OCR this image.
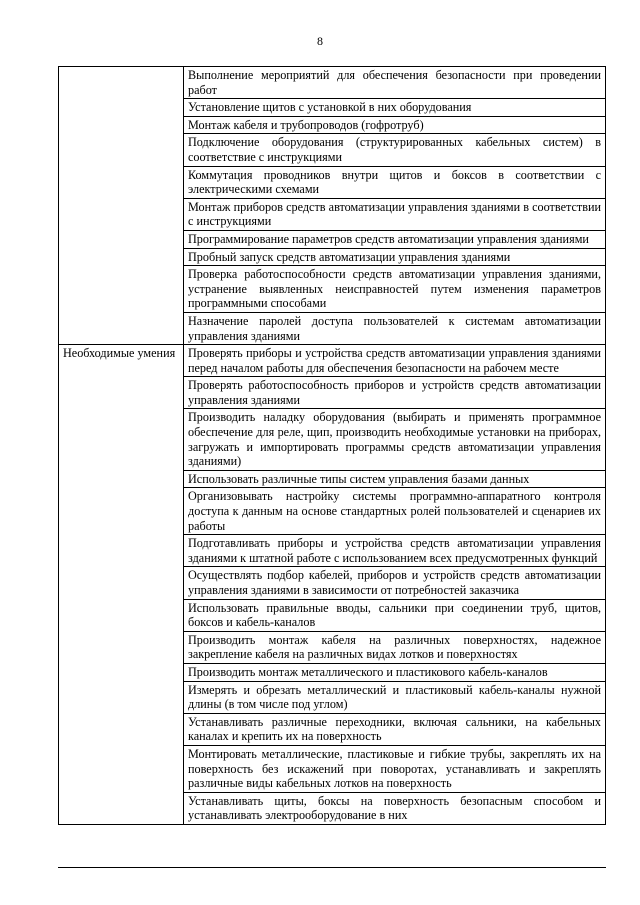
8
	Выполнение мероприятий для обеспечения безопасности при проведении работ
	Установление щитов с установкой в них оборудования
	Монтаж кабеля и трубопроводов (гофротруб)
	Подключение оборудования (структурированных кабельных систем) в соответствие с инструкциями
	Коммутация проводников внутри щитов и боксов в соответствии с электрическими схемами
	Монтаж приборов средств автоматизации управления зданиями в соответствии с инструкциями
	Программирование параметров средств автоматизации управления зданиями
	Пробный запуск средств автоматизации управления зданиями
	Проверка работоспособности средств автоматизации управления зданиями, устранение выявленных неисправностей путем изменения параметров программными способами
	Назначение паролей доступа пользователей к системам автоматизации управления зданиями
Необходимые умения	Проверять приборы и устройства средств автоматизации управления зданиями перед началом работы для обеспечения безопасности на рабочем месте
	Проверять работоспособность приборов и устройств средств автоматизации управления зданиями
	Производить наладку оборудования (выбирать и применять программное обеспечение для реле, щип, производить необходимые установки на приборах, загружать и импортировать программы средств автоматизации управления зданиями)
	Использовать различные типы систем управления базами данных
	Организовывать настройку системы программно-аппаратного контроля доступа к данным на основе стандартных ролей пользователей и сценариев их работы
	Подготавливать приборы и устройства средств автоматизации управления зданиями к штатной работе с использованием всех предусмотренных функций
	Осуществлять подбор кабелей, приборов и устройств средств автоматизации управления зданиями в зависимости от потребностей заказчика
	Использовать правильные вводы, сальники при соединении труб, щитов, боксов и кабель-каналов
	Производить монтаж кабеля на различных поверхностях, надежное закрепление кабеля на различных видах лотков и поверхностях
	Производить монтаж металлического и пластикового кабель-каналов
	Измерять и обрезать металлический и пластиковый кабель-каналы нужной длины (в том числе под углом)
	Устанавливать различные переходники, включая сальники, на кабельных каналах и крепить их на поверхность
	Монтировать металлические, пластиковые и гибкие трубы, закреплять их на поверхность без искажений при поворотах, устанавливать и закреплять различные виды кабельных лотков на поверхность
	Устанавливать щиты, боксы на поверхность безопасным способом и устанавливать электрооборудование в них
